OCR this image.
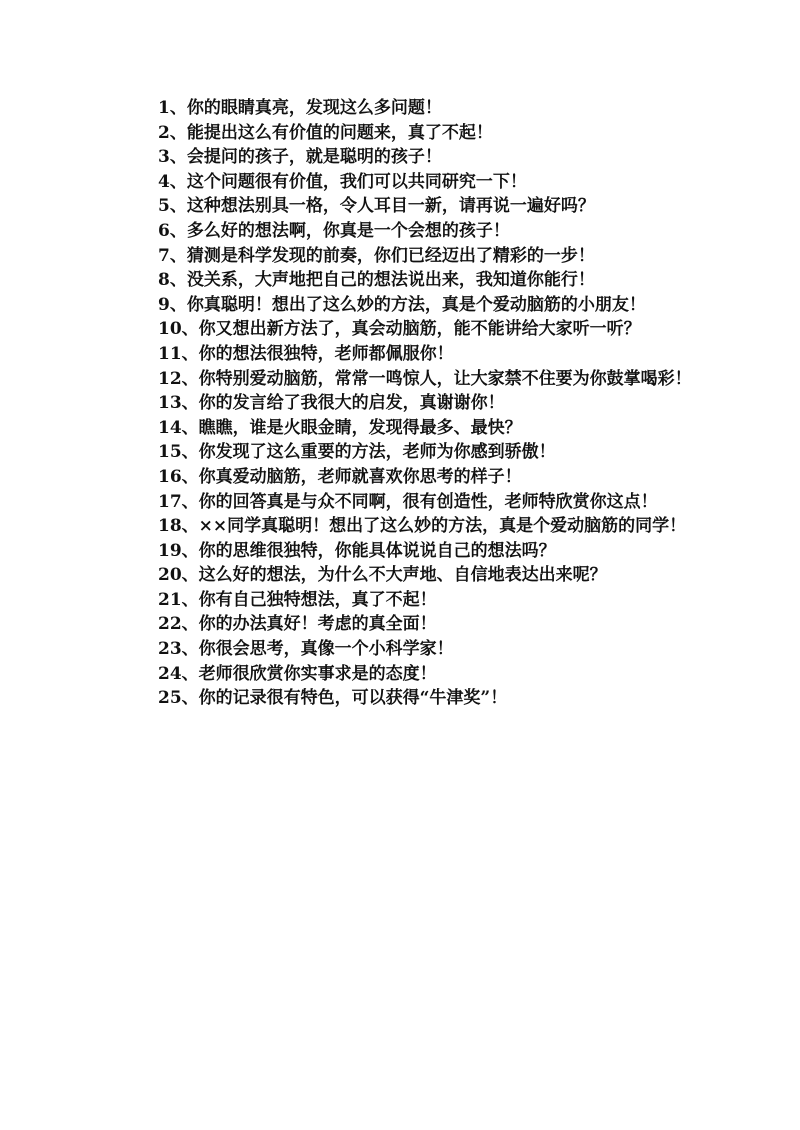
1、你的眼睛真亮，发现这么多问题！
2、能提出这么有价值的问题来，真了不起！
3、会提问的孩子，就是聪明的孩子！
4、这个问题很有价值，我们可以共同研究一下！
5、这种想法别具一格，令人耳目一新，请再说一遍好吗？
6、多么好的想法啊，你真是一个会想的孩子！
7、猜测是科学发现的前奏，你们已经迈出了精彩的一步！
8、没关系，大声地把自己的想法说出来，我知道你能行！
9、你真聪明！想出了这么妙的方法，真是个爱动脑筋的小朋友！
10、你又想出新方法了，真会动脑筋，能不能讲给大家听一听？
11、你的想法很独特，老师都佩服你！
12、你特别爱动脑筋，常常一鸣惊人，让大家禁不住要为你鼓掌喝彩！
13、你的发言给了我很大的启发，真谢谢你！
14、瞧瞧，谁是火眼金睛，发现得最多、最快？
15、你发现了这么重要的方法，老师为你感到骄傲！
16、你真爱动脑筋，老师就喜欢你思考的样子！
17、你的回答真是与众不同啊，很有创造性，老师特欣赏你这点！
18、××同学真聪明！想出了这么妙的方法，真是个爱动脑筋的同学！
19、你的思维很独特，你能具体说说自己的想法吗？
20、这么好的想法，为什么不大声地、自信地表达出来呢？
21、你有自己独特想法，真了不起！
22、你的办法真好！考虑的真全面！
23、你很会思考，真像一个小科学家！
24、老师很欣赏你实事求是的态度！
25、你的记录很有特色，可以获得“牛津奖”！
